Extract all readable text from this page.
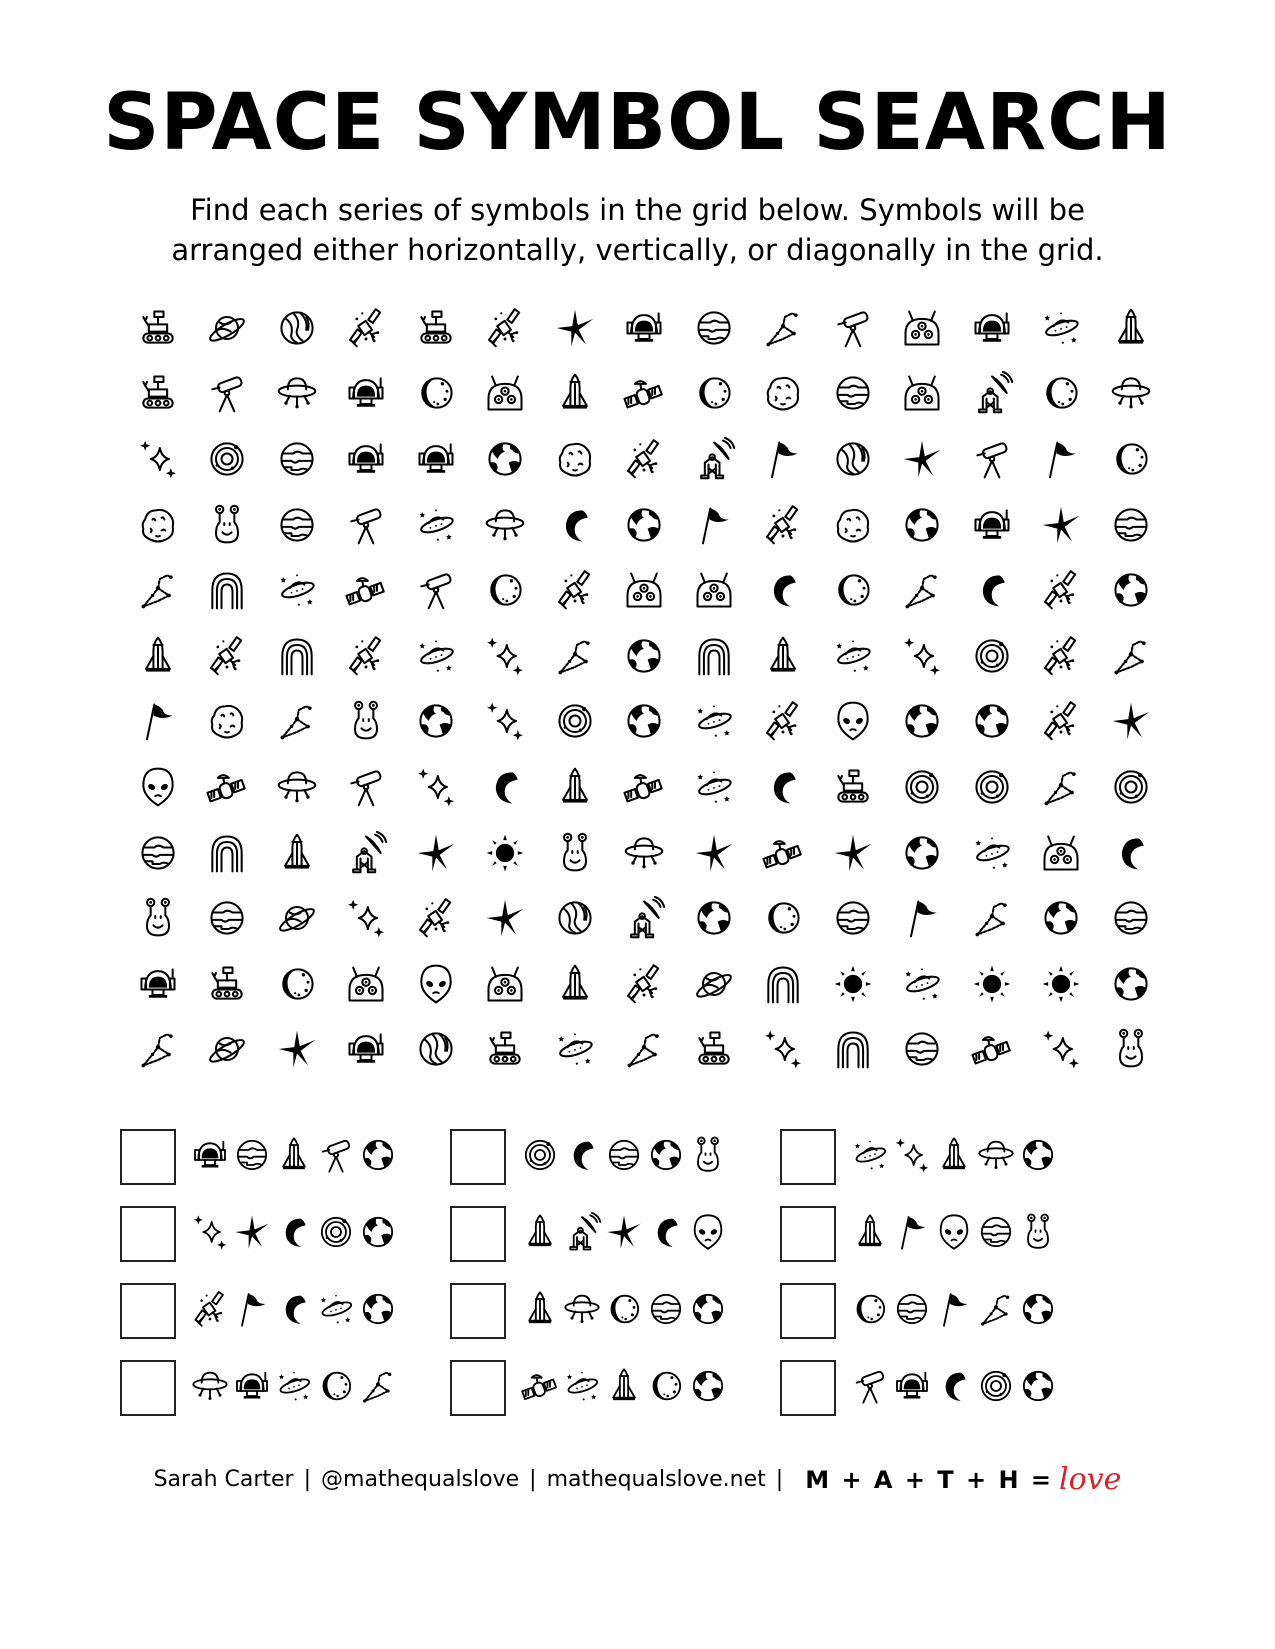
SPACE SYMBOL SEARCH
Find each series of symbols in the grid below. Symbols will be
arranged either horizontally, vertically, or diagonally in the grid.
Sarah Carter | @mathequalslove | mathequalslove.net | M + A + T + H = love
